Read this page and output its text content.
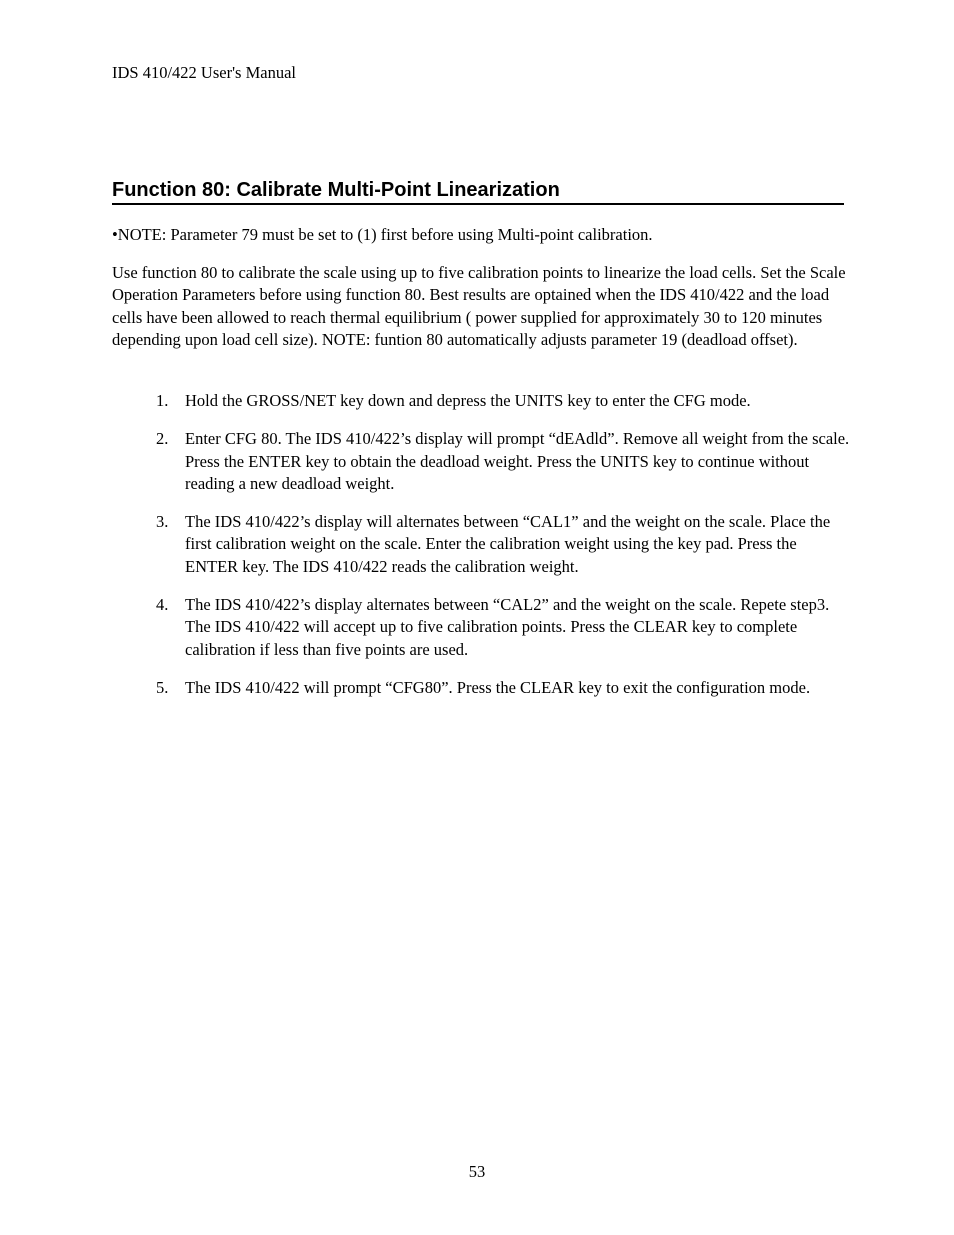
IDS 410/422 User's Manual

Function 80: Calibrate Multi-Point Linearization

•NOTE: Parameter 79 must be set to (1) first before using Multi-point calibration.

Use function 80 to calibrate the scale using up to five calibration points to linearize the load cells. Set the Scale Operation Parameters before using function 80. Best results are optained when the IDS 410/422 and the load cells have been allowed to reach thermal equilibrium ( power supplied for approximately 30 to 120 minutes depending upon load cell size). NOTE: funtion 80 automatically adjusts parameter 19 (deadload offset).

1. Hold the GROSS/NET key down and depress the UNITS key to enter the CFG mode.
2. Enter CFG 80. The IDS 410/422’s display will prompt “dEAdld”. Remove all weight from the scale. Press the ENTER key to obtain the deadload weight. Press the UNITS key to continue without reading a new deadload weight.
3. The IDS 410/422’s display will alternates between “CAL1” and the weight on the scale. Place the first calibration weight on the scale. Enter the calibration weight using the key pad. Press the ENTER key. The IDS 410/422 reads the calibration weight.
4. The IDS 410/422’s display alternates between “CAL2” and the weight on the scale. Repete step3. The IDS 410/422 will accept up to five calibration points. Press the CLEAR key to complete calibration if less than five points are used.
5. The IDS 410/422 will prompt “CFG80”. Press the CLEAR key to exit the configuration mode.

53
